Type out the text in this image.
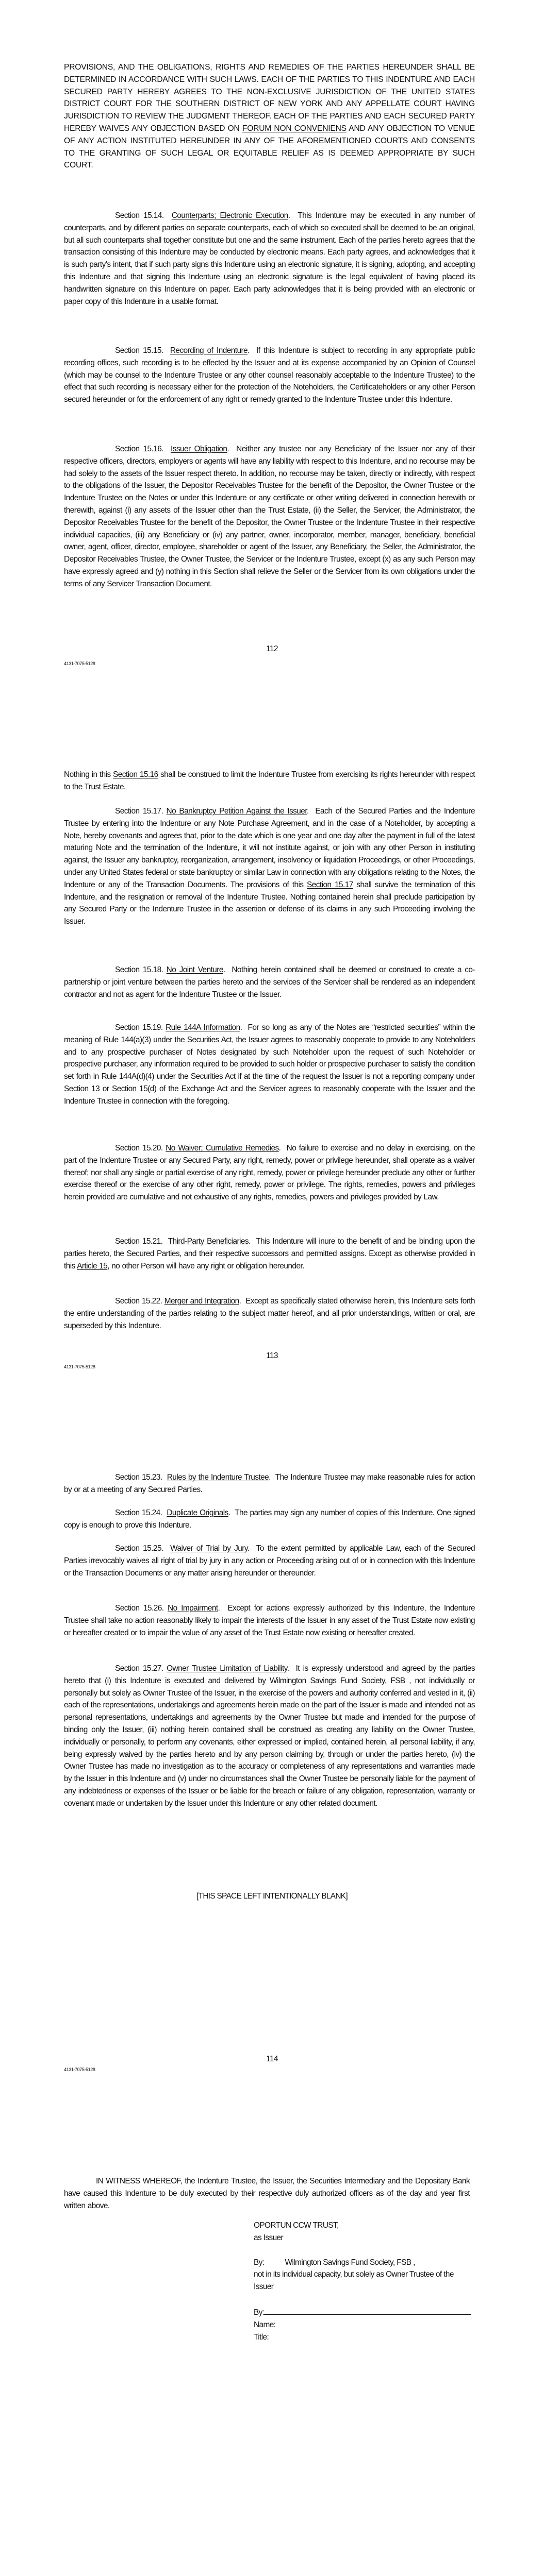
PROVISIONS, AND THE OBLIGATIONS, RIGHTS AND REMEDIES OF THE PARTIES HEREUNDER SHALL BE DETERMINED IN ACCORDANCE WITH SUCH LAWS. EACH OF THE PARTIES TO THIS INDENTURE AND EACH SECURED PARTY HEREBY AGREES TO THE NON-EXCLUSIVE JURISDICTION OF THE UNITED STATES DISTRICT COURT FOR THE SOUTHERN DISTRICT OF NEW YORK AND ANY APPELLATE COURT HAVING JURISDICTION TO REVIEW THE JUDGMENT THEREOF. EACH OF THE PARTIES AND EACH SECURED PARTY HEREBY WAIVES ANY OBJECTION BASED ON FORUM NON CONVENIENS AND ANY OBJECTION TO VENUE OF ANY ACTION INSTITUTED HEREUNDER IN ANY OF THE AFOREMENTIONED COURTS AND CONSENTS TO THE GRANTING OF SUCH LEGAL OR EQUITABLE RELIEF AS IS DEEMED APPROPRIATE BY SUCH COURT.

Section 15.14. Counterparts; Electronic Execution.  This Indenture may be executed in any number of counterparts, and by different parties on separate counterparts, each of which so executed shall be deemed to be an original, but all such counterparts shall together constitute but one and the same instrument. Each of the parties hereto agrees that the transaction consisting of this Indenture may be conducted by electronic means. Each party agrees, and acknowledges that it is such party’s intent, that if such party signs this Indenture using an electronic signature, it is signing, adopting, and accepting this Indenture and that signing this Indenture using an electronic signature is the legal equivalent of having placed its handwritten signature on this Indenture on paper. Each party acknowledges that it is being provided with an electronic or paper copy of this Indenture in a usable format.

Section 15.15. Recording of Indenture.  If this Indenture is subject to recording in any appropriate public recording offices, such recording is to be effected by the Issuer and at its expense accompanied by an Opinion of Counsel (which may be counsel to the Indenture Trustee or any other counsel reasonably acceptable to the Indenture Trustee) to the effect that such recording is necessary either for the protection of the Noteholders, the Certificateholders or any other Person secured hereunder or for the enforcement of any right or remedy granted to the Indenture Trustee under this Indenture.

Section 15.16. Issuer Obligation.  Neither any trustee nor any Beneficiary of the Issuer nor any of their respective officers, directors, employers or agents will have any liability with respect to this Indenture, and no recourse may be had solely to the assets of the Issuer respect thereto. In addition, no recourse may be taken, directly or indirectly, with respect to the obligations of the Issuer, the Depositor Receivables Trustee for the benefit of the Depositor, the Owner Trustee or the Indenture Trustee on the Notes or under this Indenture or any certificate or other writing delivered in connection herewith or therewith, against (i) any assets of the Issuer other than the Trust Estate, (ii) the Seller, the Servicer, the Administrator, the Depositor Receivables Trustee for the benefit of the Depositor, the Owner Trustee or the Indenture Trustee in their respective individual capacities, (iii) any Beneficiary or (iv) any partner, owner, incorporator, member, manager, beneficiary, beneficial owner, agent, officer, director, employee, shareholder or agent of the Issuer, any Beneficiary, the Seller, the Administrator, the Depositor Receivables Trustee, the Owner Trustee, the Servicer or the Indenture Trustee, except (x) as any such Person may have expressly agreed and (y) nothing in this Section shall relieve the Seller or the Servicer from its own obligations under the terms of any Servicer Transaction Document.

112
4131-7075-5128

Nothing in this Section 15.16 shall be construed to limit the Indenture Trustee from exercising its rights hereunder with respect to the Trust Estate.

Section 15.17. No Bankruptcy Petition Against the Issuer.  Each of the Secured Parties and the Indenture Trustee by entering into the Indenture or any Note Purchase Agreement, and in the case of a Noteholder, by accepting a Note, hereby covenants and agrees that, prior to the date which is one year and one day after the payment in full of the latest maturing Note and the termination of the Indenture, it will not institute against, or join with any other Person in instituting against, the Issuer any bankruptcy, reorganization, arrangement, insolvency or liquidation Proceedings, or other Proceedings, under any United States federal or state bankruptcy or similar Law in connection with any obligations relating to the Notes, the Indenture or any of the Transaction Documents. The provisions of this Section 15.17 shall survive the termination of this Indenture, and the resignation or removal of the Indenture Trustee. Nothing contained herein shall preclude participation by any Secured Party or the Indenture Trustee in the assertion or defense of its claims in any such Proceeding involving the Issuer.

Section 15.18. No Joint Venture.  Nothing herein contained shall be deemed or construed to create a co-partnership or joint venture between the parties hereto and the services of the Servicer shall be rendered as an independent contractor and not as agent for the Indenture Trustee or the Issuer.

Section 15.19. Rule 144A Information.  For so long as any of the Notes are “restricted securities” within the meaning of Rule 144(a)(3) under the Securities Act, the Issuer agrees to reasonably cooperate to provide to any Noteholders and to any prospective purchaser of Notes designated by such Noteholder upon the request of such Noteholder or prospective purchaser, any information required to be provided to such holder or prospective purchaser to satisfy the condition set forth in Rule 144A(d)(4) under the Securities Act if at the time of the request the Issuer is not a reporting company under Section 13 or Section 15(d) of the Exchange Act and the Servicer agrees to reasonably cooperate with the Issuer and the Indenture Trustee in connection with the foregoing.

Section 15.20. No Waiver; Cumulative Remedies.  No failure to exercise and no delay in exercising, on the part of the Indenture Trustee or any Secured Party, any right, remedy, power or privilege hereunder, shall operate as a waiver thereof; nor shall any single or partial exercise of any right, remedy, power or privilege hereunder preclude any other or further exercise thereof or the exercise of any other right, remedy, power or privilege. The rights, remedies, powers and privileges herein provided are cumulative and not exhaustive of any rights, remedies, powers and privileges provided by Law.

Section 15.21. Third-Party Beneficiaries.  This Indenture will inure to the benefit of and be binding upon the parties hereto, the Secured Parties, and their respective successors and permitted assigns. Except as otherwise provided in this Article 15, no other Person will have any right or obligation hereunder.

Section 15.22. Merger and Integration.  Except as specifically stated otherwise herein, this Indenture sets forth the entire understanding of the parties relating to the subject matter hereof, and all prior understandings, written or oral, are superseded by this Indenture.

113
4131-7075-5128

Section 15.23. Rules by the Indenture Trustee.  The Indenture Trustee may make reasonable rules for action by or at a meeting of any Secured Parties.

Section 15.24. Duplicate Originals.  The parties may sign any number of copies of this Indenture. One signed copy is enough to prove this Indenture.

Section 15.25. Waiver of Trial by Jury.  To the extent permitted by applicable Law, each of the Secured Parties irrevocably waives all right of trial by jury in any action or Proceeding arising out of or in connection with this Indenture or the Transaction Documents or any matter arising hereunder or thereunder.

Section 15.26. No Impairment.  Except for actions expressly authorized by this Indenture, the Indenture Trustee shall take no action reasonably likely to impair the interests of the Issuer in any asset of the Trust Estate now existing or hereafter created or to impair the value of any asset of the Trust Estate now existing or hereafter created.

Section 15.27. Owner Trustee Limitation of Liability.  It is expressly understood and agreed by the parties hereto that (i) this Indenture is executed and delivered by Wilmington Savings Fund Society, FSB , not individually or personally but solely as Owner Trustee of the Issuer, in the exercise of the powers and authority conferred and vested in it, (ii) each of the representations, undertakings and agreements herein made on the part of the Issuer is made and intended not as personal representations, undertakings and agreements by the Owner Trustee but made and intended for the purpose of binding only the Issuer, (iii) nothing herein contained shall be construed as creating any liability on the Owner Trustee, individually or personally, to perform any covenants, either expressed or implied, contained herein, all personal liability, if any, being expressly waived by the parties hereto and by any person claiming by, through or under the parties hereto, (iv) the Owner Trustee has made no investigation as to the accuracy or completeness of any representations and warranties made by the Issuer in this Indenture and (v) under no circumstances shall the Owner Trustee be personally liable for the payment of any indebtedness or expenses of the Issuer or be liable for the breach or failure of any obligation, representation, warranty or covenant made or undertaken by the Issuer under this Indenture or any other related document.

[THIS SPACE LEFT INTENTIONALLY BLANK]
114
4131-7075-5128

IN WITNESS WHEREOF, the Indenture Trustee, the Issuer, the Securities Intermediary and the Depositary Bank have caused this Indenture to be duly executed by their respective duly authorized officers as of the day and year first written above.

OPORTUN CCW TRUST,
as Issuer
By:	Wilmington Savings Fund Society, FSB ,
not in its individual capacity, but solely as Owner Trustee of the Issuer
By:
Name:
Title:
